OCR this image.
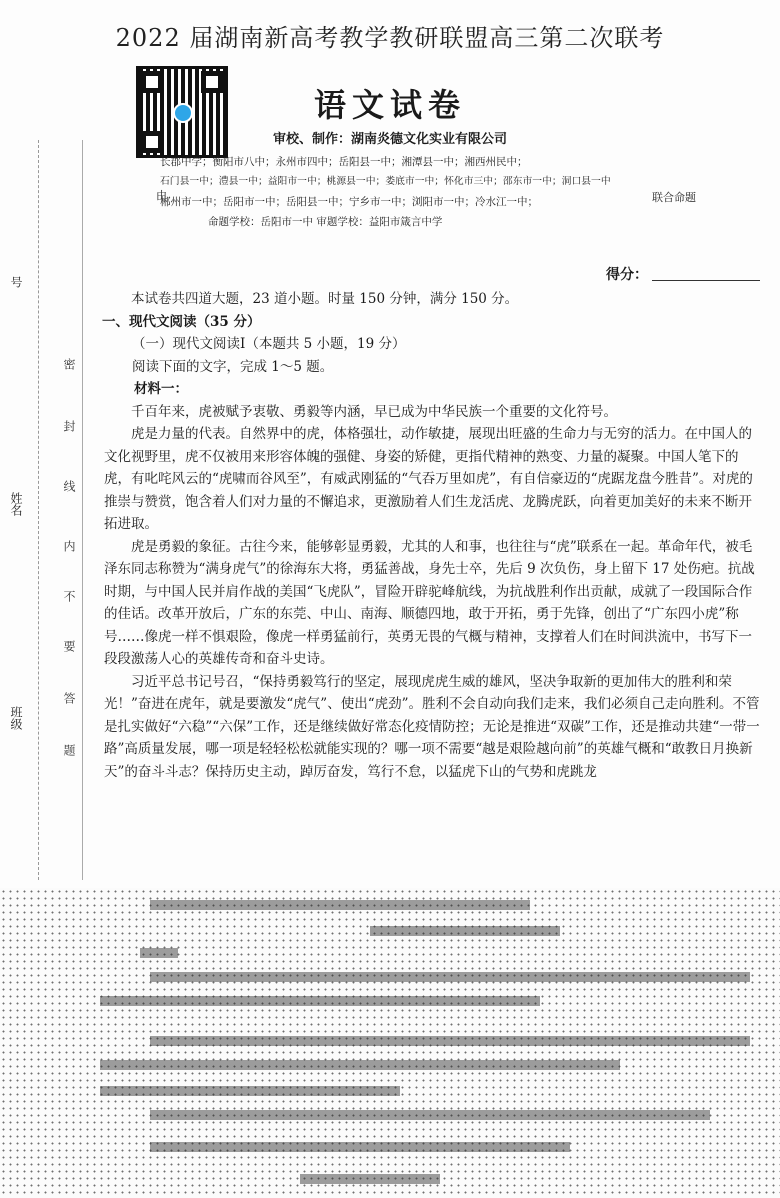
2022 届湖南新高考教学教研联盟高三第二次联考
语文试卷
审校、制作：湖南炎德文化实业有限公司
由
长郡中学；衡阳市八中；永州市四中；岳阳县一中；湘潭县一中；湘西州民中；
石门县一中；澧县一中；益阳市一中；桃源县一中；娄底市一中；怀化市三中；邵东市一中；洞口县一中
郴州市一中；岳阳市一中；岳阳县一中；宁乡市一中；浏阳市一中；冷水江一中；
命题学校：岳阳市一中 审题学校：益阳市箴言中学
联合命题
得分：
号
姓名
班级
密
封
线
内
不
要
答
题

本试卷共四道大题，23 道小题。时量 150 分钟，满分 150 分。

一、现代文阅读（35 分）

（一）现代文阅读Ⅰ（本题共 5 小题，19 分）

阅读下面的文字，完成 1～5 题。

材料一：

千百年来，虎被赋予衷敬、勇毅等内涵，早已成为中华民族一个重要的文化符号。

虎是力量的代表。自然界中的虎，体格强壮，动作敏捷，展现出旺盛的生命力与无穷的活力。在中国人的文化视野里，虎不仅被用来形容体魄的强健、身姿的矫健，更指代精神的熟变、力量的凝聚。中国人笔下的虎，有叱咤风云的“虎啸而谷风至”，有威武刚猛的“气吞万里如虎”，有自信豪迈的“虎踞龙盘今胜昔”。对虎的推崇与赞赏，饱含着人们对力量的不懈追求，更激励着人们生龙活虎、龙腾虎跃，向着更加美好的未来不断开拓进取。

虎是勇毅的象征。古往今来，能够彰显勇毅，尤其的人和事，也往往与“虎”联系在一起。革命年代，被毛泽东同志称赞为“满身虎气”的徐海东大将，勇猛善战，身先士卒，先后 9 次负伤，身上留下 17 处伤疤。抗战时期，与中国人民并肩作战的美国“飞虎队”，冒险开辟驼峰航线，为抗战胜利作出贡献，成就了一段国际合作的佳话。改革开放后，广东的东莞、中山、南海、顺德四地，敢于开拓，勇于先锋，创出了“广东四小虎”称号……像虎一样不惧艰险，像虎一样勇猛前行，英勇无畏的气概与精神，支撑着人们在时间洪流中，书写下一段段激荡人心的英雄传奇和奋斗史诗。

习近平总书记号召，“保持勇毅笃行的坚定，展现虎虎生威的雄风，坚决争取新的更加伟大的胜利和荣光！”奋进在虎年，就是要激发“虎气”、使出“虎劲”。胜利不会自动向我们走来，我们必须自己走向胜利。不管是扎实做好“六稳”“六保”工作，还是继续做好常态化疫情防控；无论是推进“双碳”工作，还是推动共建“一带一路”高质量发展，哪一项是轻轻松松就能实现的？哪一项不需要“越是艰险越向前”的英雄气概和“敢教日月换新天”的奋斗斗志？保持历史主动，踔厉奋发，笃行不怠，以猛虎下山的气势和虎跳龙
